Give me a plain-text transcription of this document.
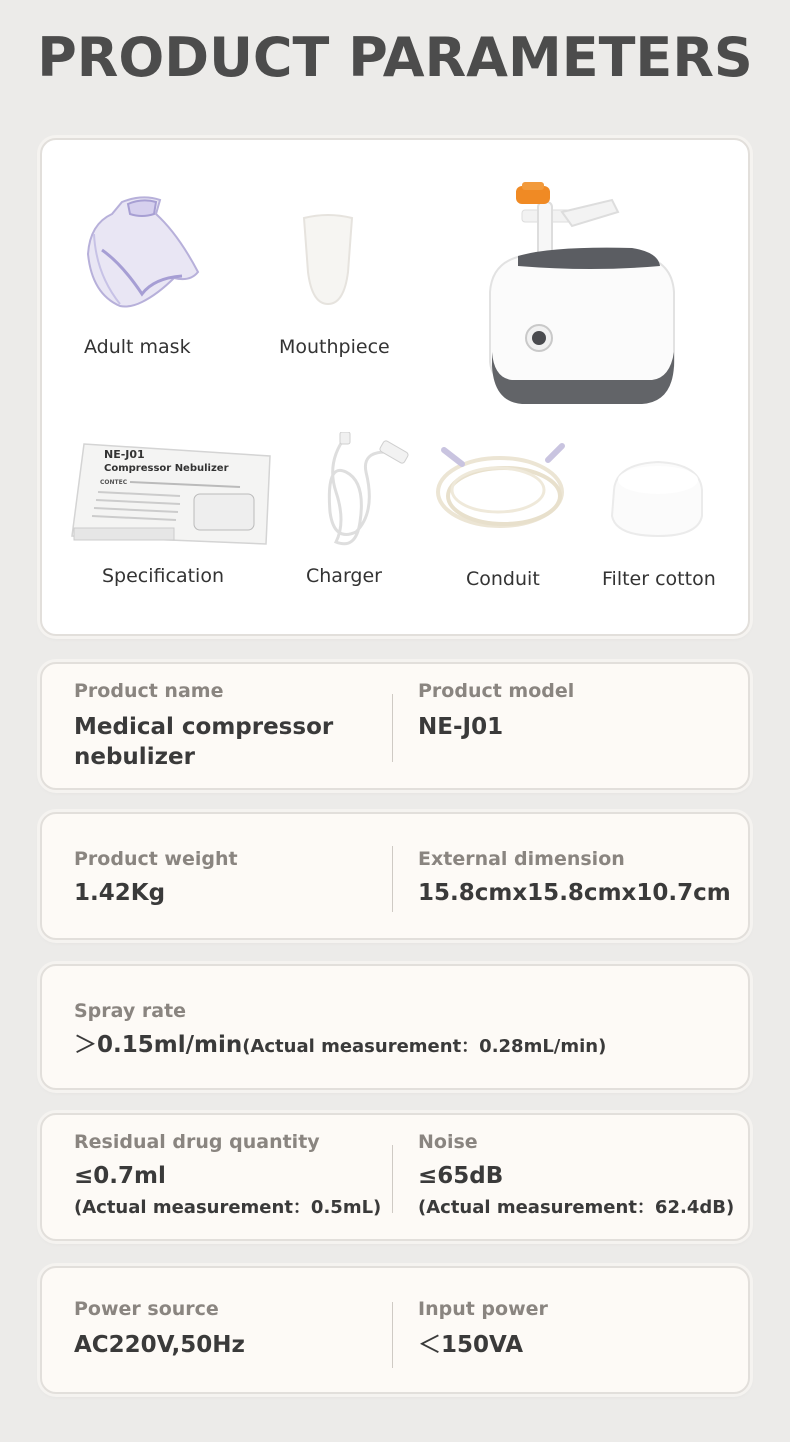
PRODUCT PARAMETERS
Adult mask	Mouthpiece
NE-J01
Compressor Nebulizer
CONTEC
Specification	Charger	Conduit	Filter cotton
Product name
Medical compressor nebulizer
Product model
NE-J01
Product weight
1.42Kg
External dimension
15.8cmx15.8cmx10.7cm
Spray rate
＞0.15ml/min(Actual measurement：0.28mL/min)
Residual drug quantity
≤0.7ml
(Actual measurement：0.5mL)
Noise
≤65dB
(Actual measurement：62.4dB)
Power source
AC220V,50Hz
Input power
＜150VA
